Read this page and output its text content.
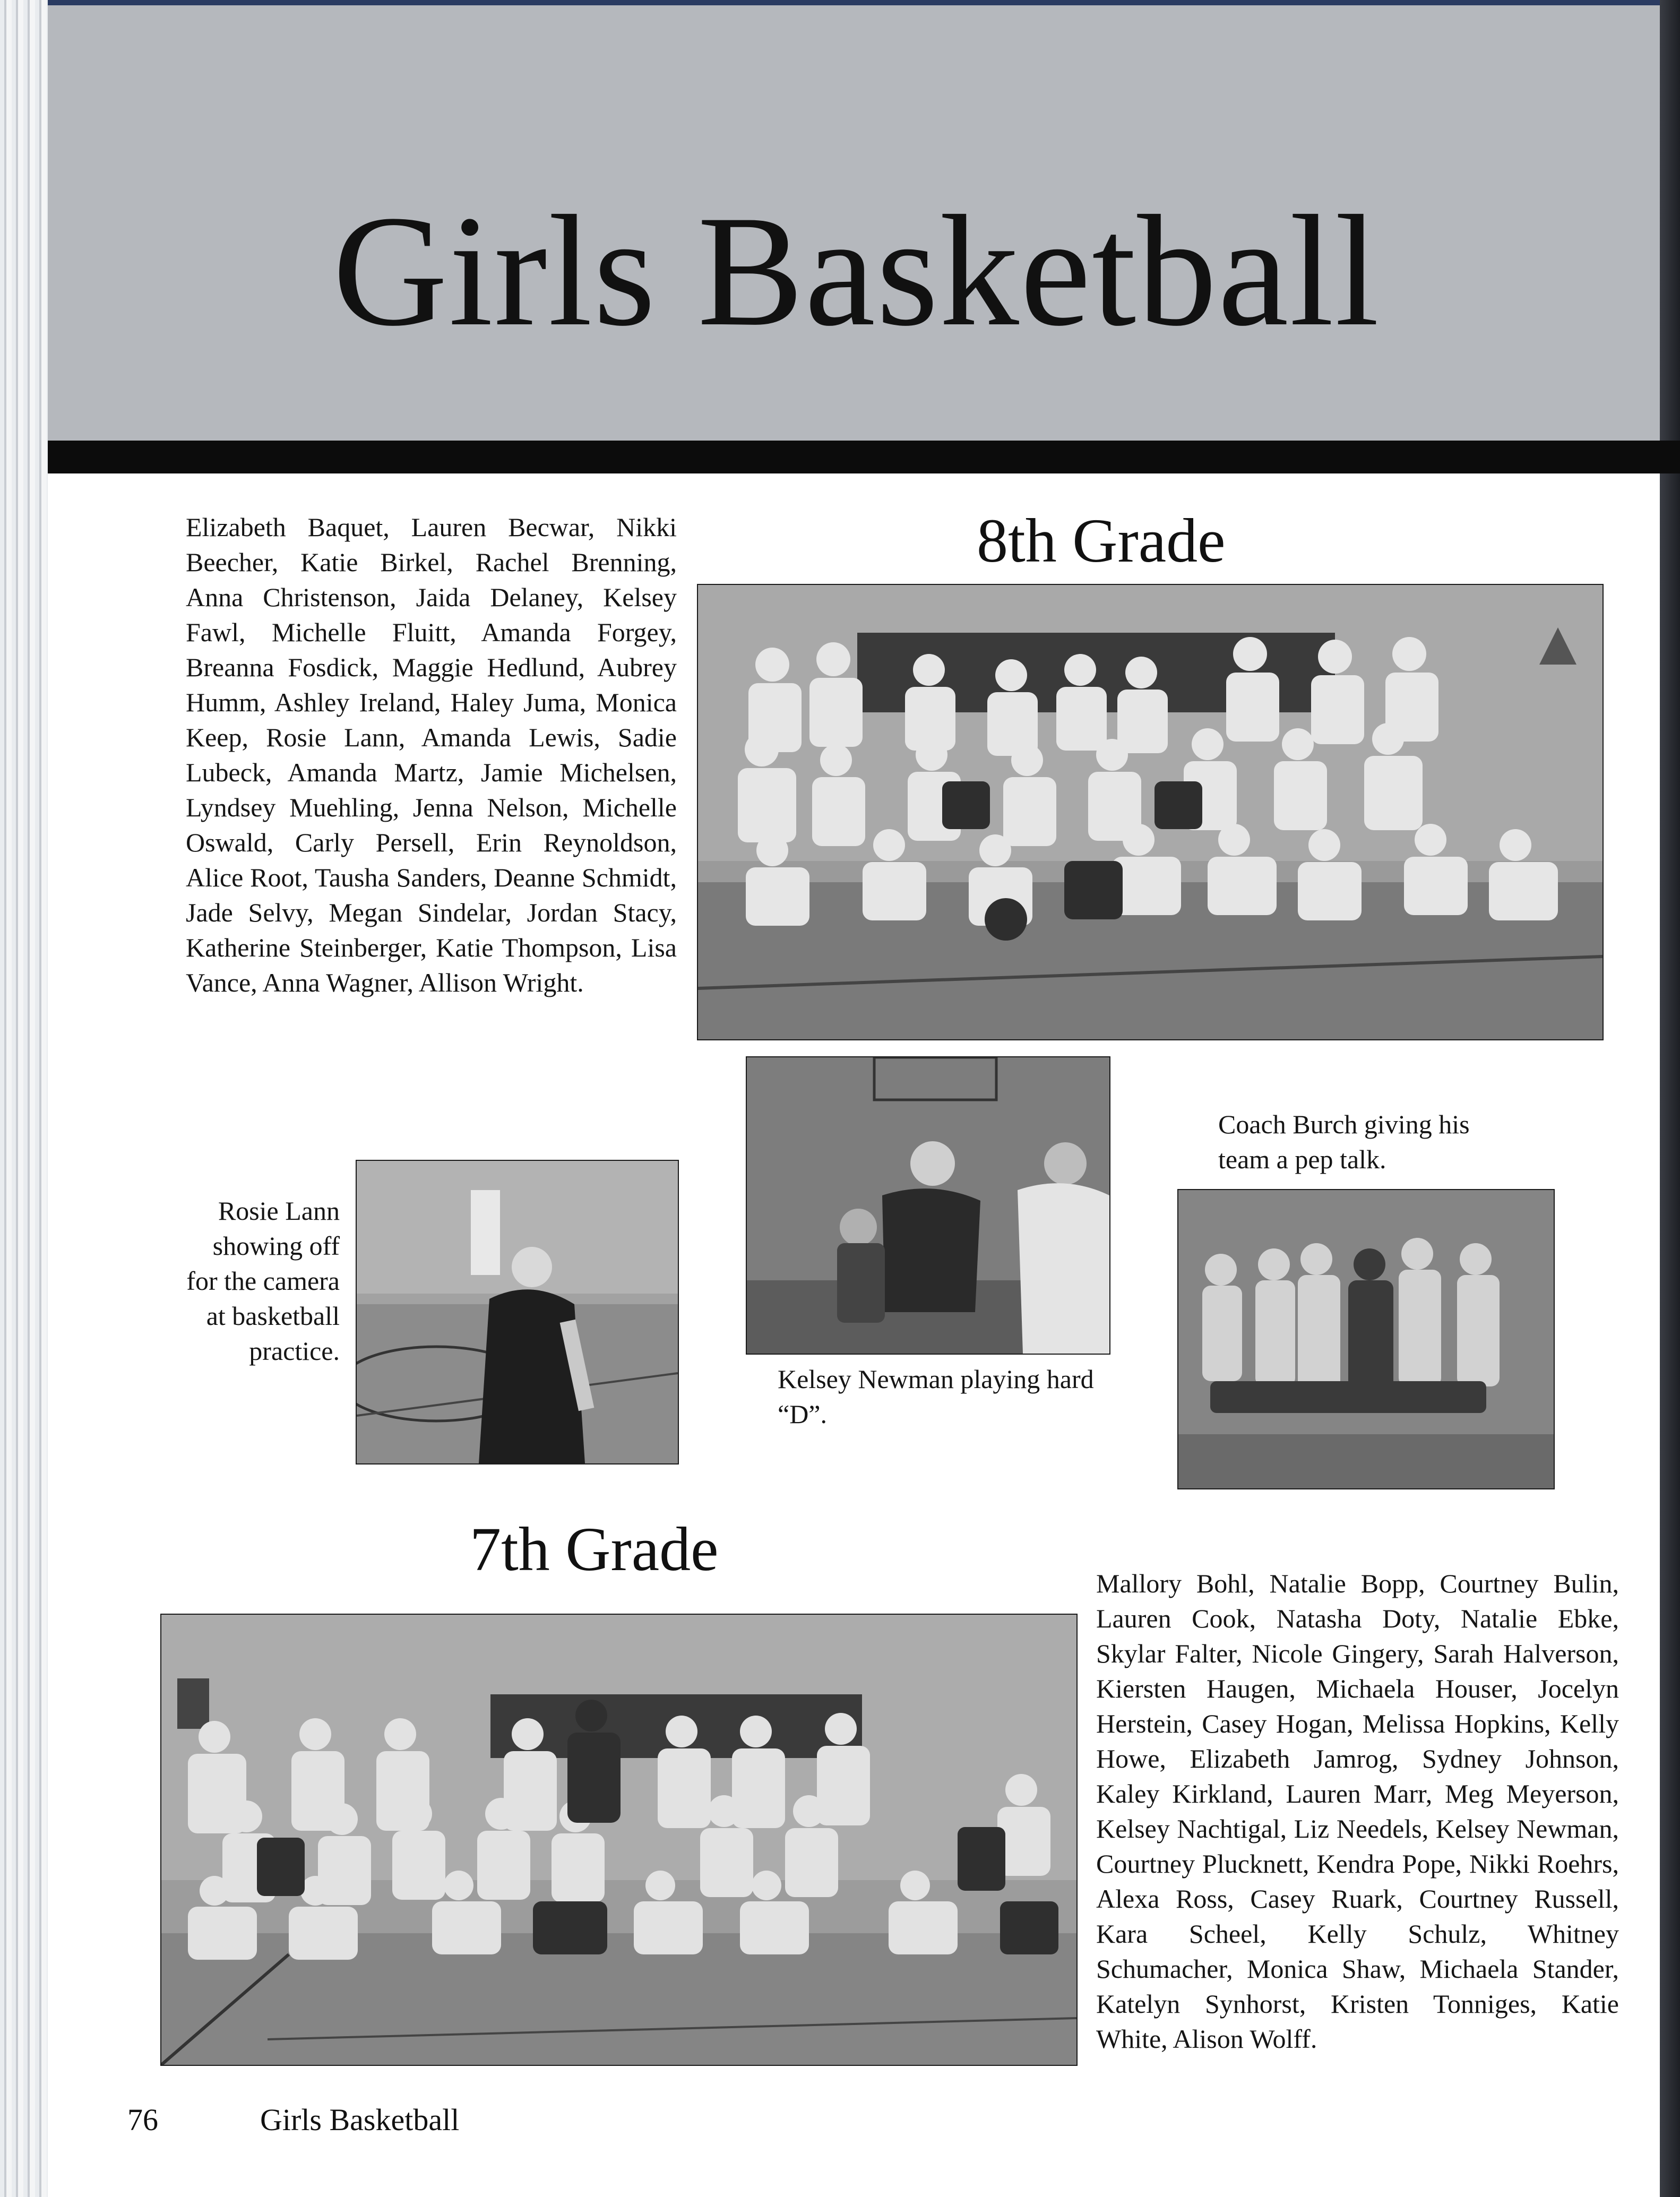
Girls Basketball
8th Grade
Elizabeth Baquet, Lauren Becwar, Nikki Beecher, Katie Birkel, Rachel Brenning, Anna Christenson, Jaida Delaney, Kelsey Fawl, Michelle Fluitt, Amanda Forgey, Breanna Fosdick, Maggie Hedlund, Aubrey Humm, Ashley Ireland, Haley Juma, Monica Keep, Rosie Lann, Amanda Lewis, Sadie Lubeck, Amanda Martz, Jamie Michelsen, Lyndsey Muehling, Jenna Nelson, Michelle Oswald, Carly Persell, Erin Reynoldson, Alice Root, Tausha Sanders, Deanne Schmidt, Jade Selvy, Megan Sindelar, Jordan Stacy, Katherine Steinberger, Katie Thompson, Lisa Vance, Anna Wagner, Allison Wright.
Rosie Lann showing off for the camera at basketball practice.
Kelsey Newman playing hard “D”.
Coach Burch giving his team a pep talk.
7th Grade	Mallory Bohl, Natalie Bopp, Courtney Bulin, Lauren Cook, Natasha Doty, Natalie Ebke, Skylar Falter, Nicole Gingery, Sarah Halverson, Kiersten Haugen, Michaela Houser, Jocelyn Herstein, Casey Hogan, Melissa Hopkins, Kelly Howe, Elizabeth Jamrog, Sydney Johnson, Kaley Kirkland, Lauren Marr, Meg Meyerson, Kelsey Nachtigal, Liz Needels, Kelsey Newman, Courtney Plucknett, Kendra Pope, Nikki Roehrs, Alexa Ross, Casey Ruark, Courtney Russell, Kara Scheel, Kelly Schulz, Whitney Schumacher, Monica Shaw, Michaela Stander, Katelyn Synhorst, Kristen Tonniges, Katie White, Alison Wolff.
76	Girls Basketball
